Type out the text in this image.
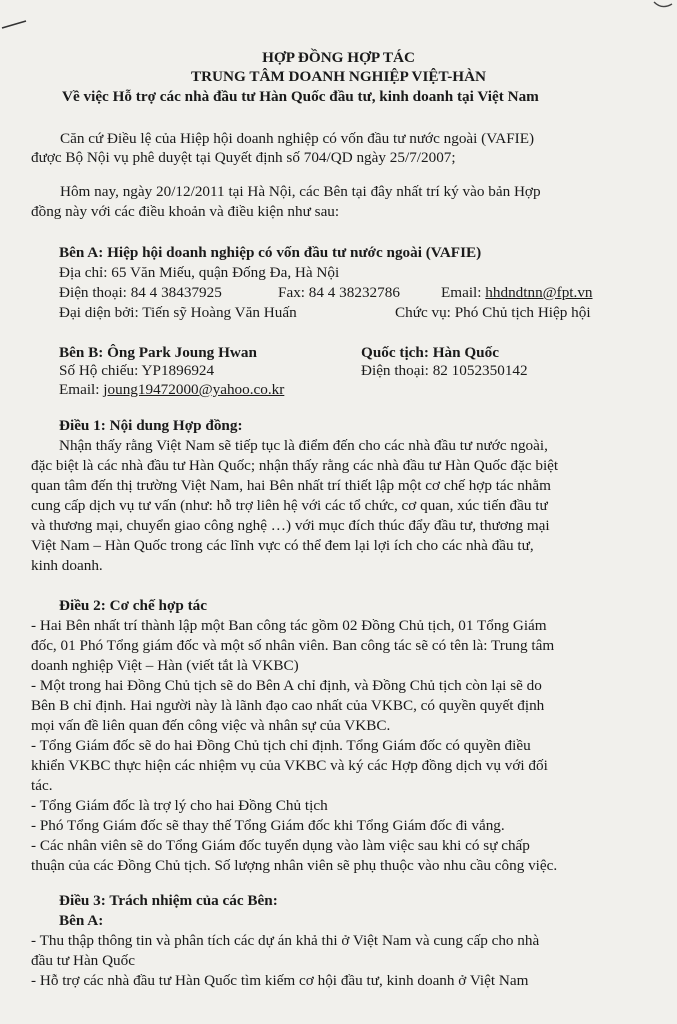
HỢP ĐỒNG HỢP TÁC
TRUNG TÂM DOANH NGHIỆP VIỆT-HÀN
Về việc Hỗ trợ các nhà đầu tư Hàn Quốc đầu tư, kinh doanh tại Việt Nam
Căn cứ Điều lệ của Hiệp hội doanh nghiệp có vốn đầu tư nước ngoài (VAFIE)
được Bộ Nội vụ phê duyệt tại Quyết định số 704/QD ngày 25/7/2007;
Hôm nay, ngày 20/12/2011 tại Hà Nội, các Bên tại đây nhất trí ký vào bản Hợp
đồng này với các điều khoản và điều kiện như sau:
Bên A: Hiệp hội doanh nghiệp có vốn đầu tư nước ngoài (VAFIE)
Địa chỉ: 65 Văn Miếu, quận Đống Đa, Hà Nội
Điện thoại: 84 4 38437925	Fax: 84 4 38232786	Email: hhdndtnn@fpt.vn
Đại diện bởi: Tiến sỹ Hoàng Văn Huấn	Chức vụ: Phó Chủ tịch Hiệp hội
Bên B: Ông Park Joung Hwan	Quốc tịch: Hàn Quốc
Số Hộ chiếu: YP1896924	Điện thoại: 82 1052350142
Email: joung19472000@yahoo.co.kr
Điều 1: Nội dung Hợp đồng:
Nhận thấy rằng Việt Nam sẽ tiếp tục là điểm đến cho các nhà đầu tư nước ngoài,
đặc biệt là các nhà đầu tư Hàn Quốc; nhận thấy rằng các nhà đầu tư Hàn Quốc đặc biệt
quan tâm đến thị trường Việt Nam, hai Bên nhất trí thiết lập một cơ chế hợp tác nhằm
cung cấp dịch vụ tư vấn (như: hỗ trợ liên hệ với các tổ chức, cơ quan, xúc tiến đầu tư
và thương mại, chuyển giao công nghệ …) với mục đích thúc đẩy đầu tư, thương mại
Việt Nam – Hàn Quốc trong các lĩnh vực có thể đem lại lợi ích cho các nhà đầu tư,
kinh doanh.
Điều 2: Cơ chế hợp tác
- Hai Bên nhất trí thành lập một Ban công tác gồm 02 Đồng Chủ tịch, 01 Tổng Giám
đốc, 01 Phó Tổng giám đốc và một số nhân viên. Ban công tác sẽ có tên là: Trung tâm
doanh nghiệp Việt – Hàn (viết tắt là VKBC)
- Một trong hai Đồng Chủ tịch sẽ do Bên A chỉ định, và Đồng Chủ tịch còn lại sẽ do
Bên B chỉ định. Hai người này là lãnh đạo cao nhất của VKBC, có quyền quyết định
mọi vấn đề liên quan đến công việc và nhân sự của VKBC.
- Tổng Giám đốc sẽ do hai Đồng Chủ tịch chỉ định. Tổng Giám đốc có quyền điều
khiển VKBC thực hiện các nhiệm vụ của VKBC và ký các Hợp đồng dịch vụ với đối
tác.
- Tổng Giám đốc là trợ lý cho hai Đồng Chủ tịch
- Phó Tổng Giám đốc sẽ thay thế Tổng Giám đốc khi Tổng Giám đốc đi vắng.
- Các nhân viên sẽ do Tổng Giám đốc tuyển dụng vào làm việc sau khi có sự chấp
thuận của các Đồng Chủ tịch. Số lượng nhân viên sẽ phụ thuộc vào nhu cầu công việc.
Điều 3: Trách nhiệm của các Bên:
Bên A:
- Thu thập thông tin và phân tích các dự án khả thi ở Việt Nam và cung cấp cho nhà
đầu tư Hàn Quốc
- Hỗ trợ các nhà đầu tư Hàn Quốc tìm kiếm cơ hội đầu tư, kinh doanh ở Việt Nam
